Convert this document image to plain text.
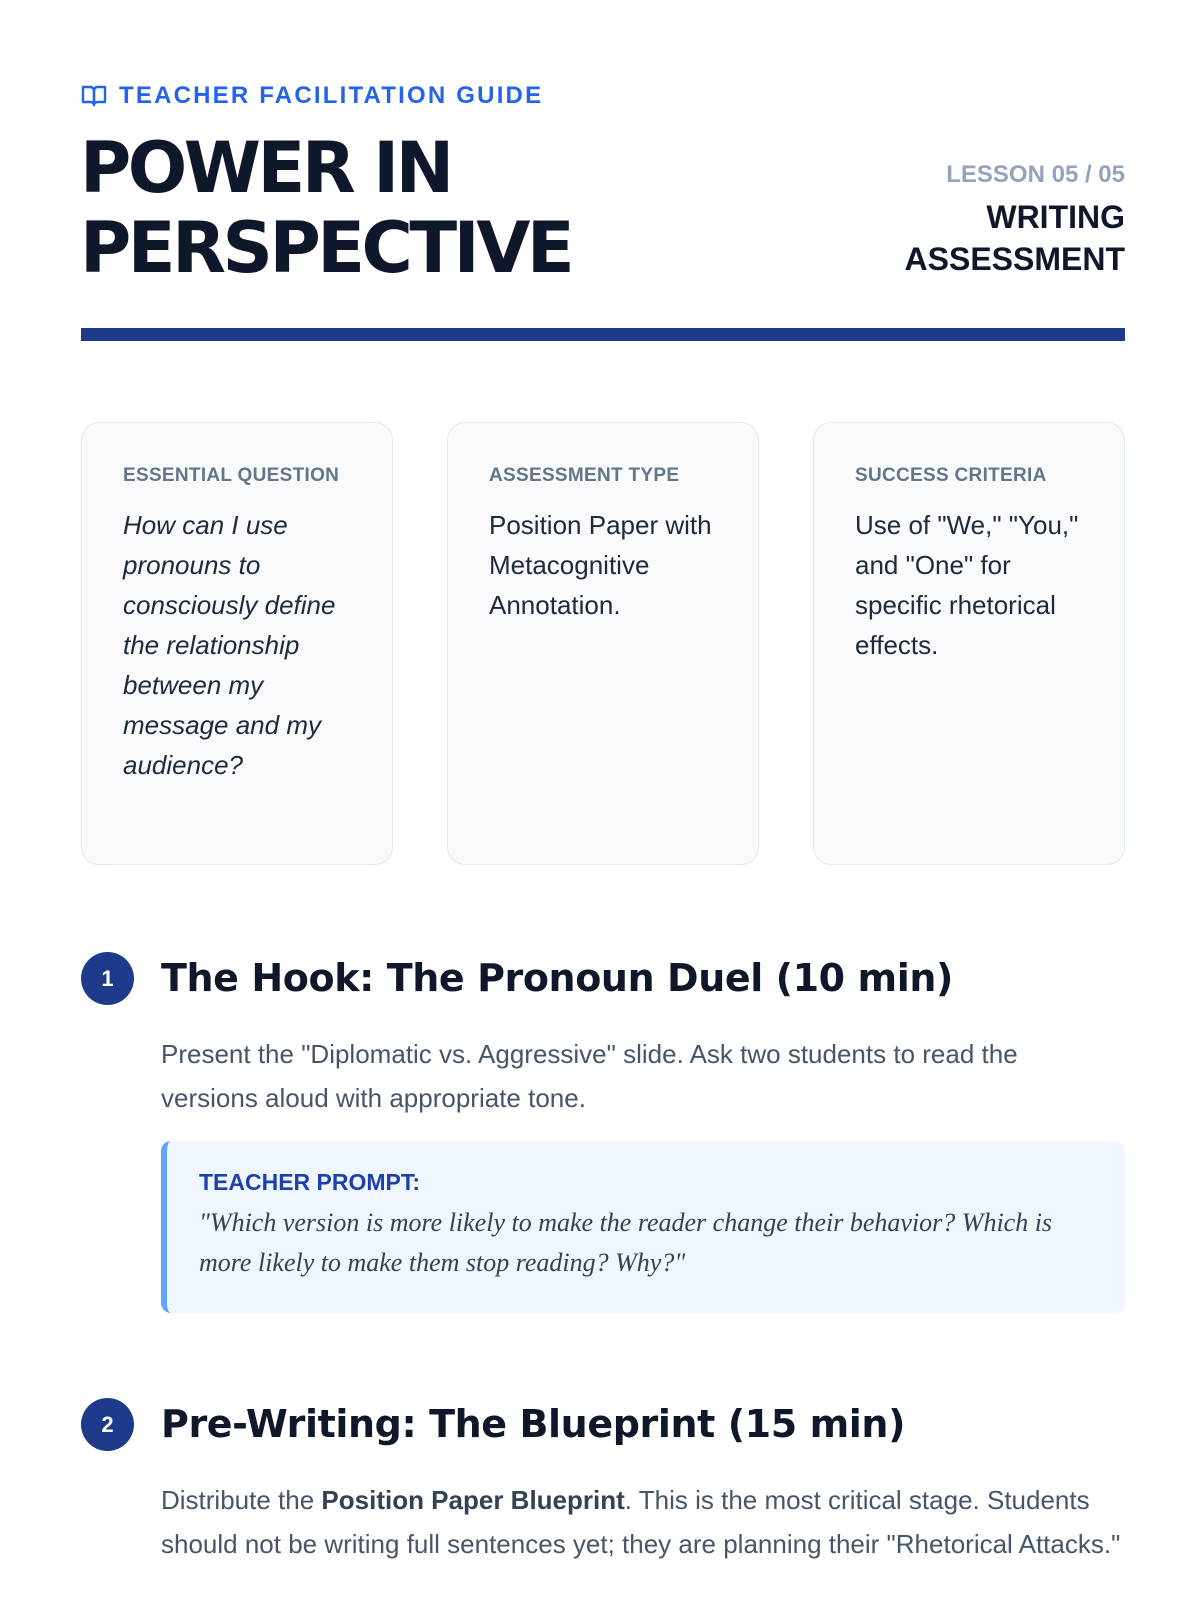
TEACHER FACILITATION GUIDE
POWER IN
PERSPECTIVE
LESSON 05 / 05
WRITING
ASSESSMENT
ESSENTIAL QUESTION
How can I use pronouns to consciously define the relationship between my message and my audience?
ASSESSMENT TYPE
Position Paper with Metacognitive Annotation.
SUCCESS CRITERIA
Use of "We," "You," and "One" for specific rhetorical effects.
1	The Hook: The Pronoun Duel (10 min)

Present the "Diplomatic vs. Aggressive" slide. Ask two students to read the versions aloud with appropriate tone.

TEACHER PROMPT:
"Which version is more likely to make the reader change their behavior? Which is more likely to make them stop reading? Why?"
2	Pre-Writing: The Blueprint (15 min)

Distribute the Position Paper Blueprint. This is the most critical stage. Students should not be writing full sentences yet; they are planning their "Rhetorical Attacks."
